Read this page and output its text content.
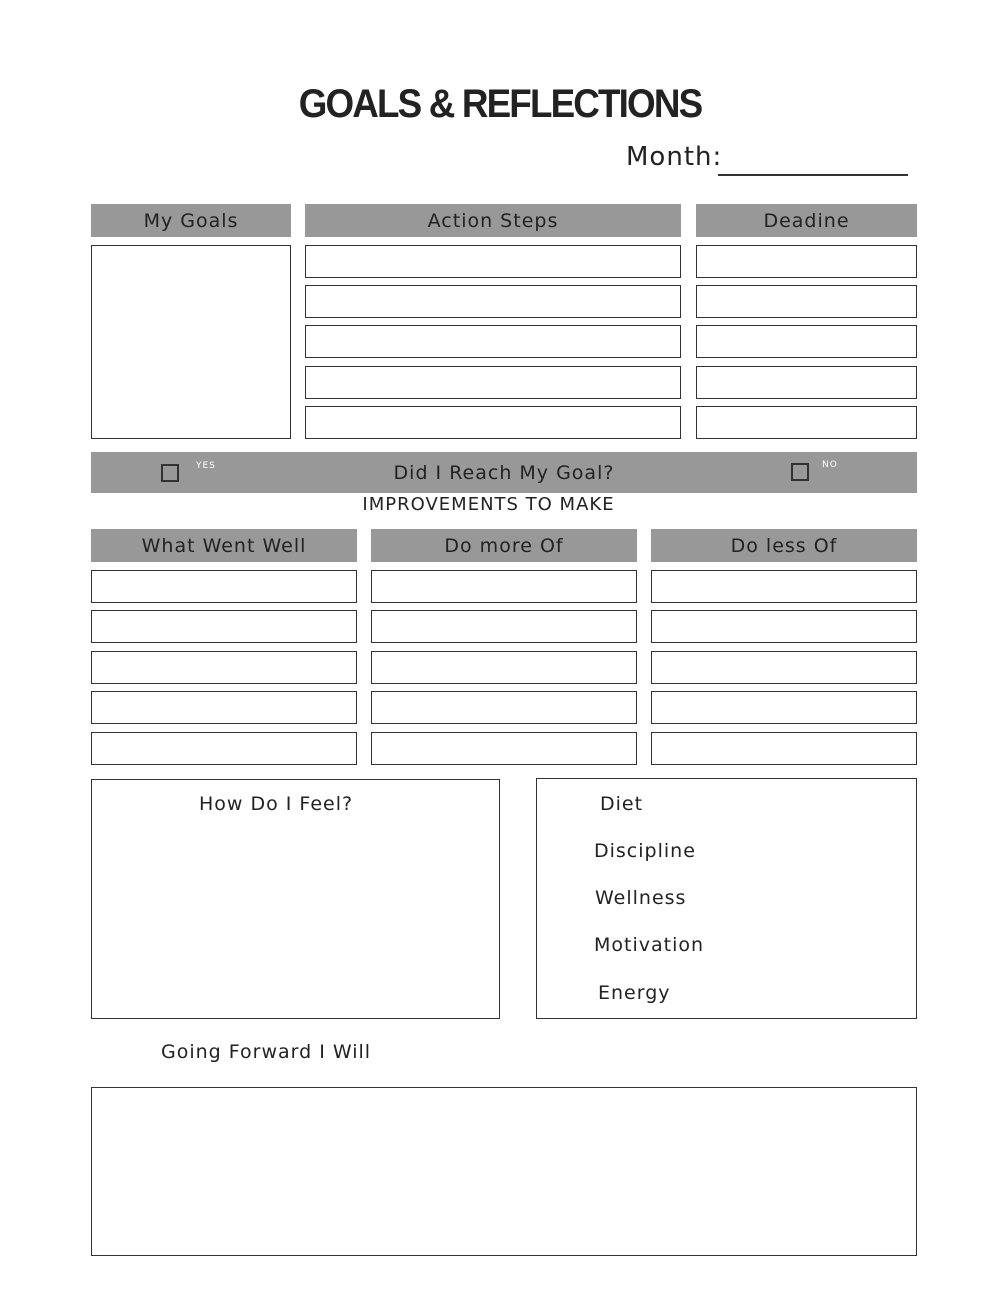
GOALS & REFLECTIONS
Month:
My Goals	Action Steps	Deadine
Did I Reach My Goal?
YES	NO
IMPROVEMENTS TO MAKE
What Went Well	Do more Of	Do less Of
How Do I Feel?	Diet
Discipline
Wellness
Motivation
Energy
Going Forward I Will
